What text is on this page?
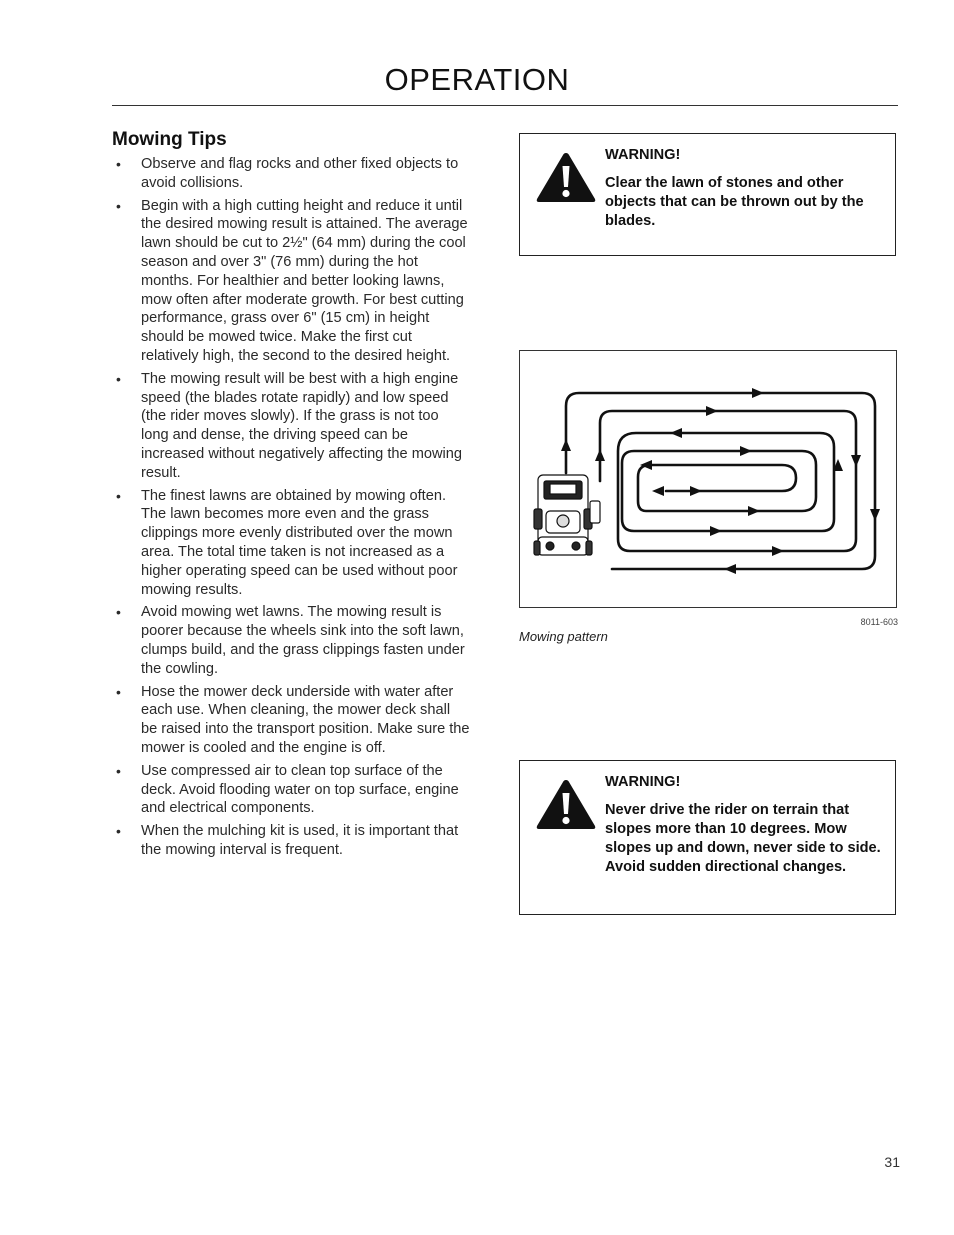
OPERATION
Mowing Tips
• Observe and flag rocks and other fixed objects to avoid collisions.
• Begin with a high cutting height and reduce it until the desired mowing result is attained. The average lawn should be cut to 2½" (64 mm) during the cool season and over 3" (76 mm) during the hot months. For healthier and better looking lawns, mow often after moderate growth. For best cutting performance, grass over 6" (15 cm) in height should be mowed twice. Make the first cut relatively high, the second to the desired height.
• The mowing result will be best with a high engine speed (the blades rotate rapidly) and low speed (the rider moves slowly). If the grass is not too long and dense, the driving speed can be increased without negatively affecting the mowing result.
• The finest lawns are obtained by mowing often. The lawn becomes more even and the grass clippings more evenly distributed over the mown area. The total time taken is not increased as a higher operating speed can be used without poor mowing results.
• Avoid mowing wet lawns. The mowing result is poorer because the wheels sink into the soft lawn, clumps build, and the grass clippings fasten under the cowling.
• Hose the mower deck underside with water after each use. When cleaning, the mower deck shall be raised into the transport position. Make sure the mower is cooled and the engine is off.
• Use compressed air to clean top surface of the deck. Avoid flooding water on top surface, engine and electrical components.
• When the mulching kit is used, it is important that the mowing interval is frequent.
WARNING!
Clear the lawn of stones and other objects that can be thrown out by the blades.
8011-603
Mowing pattern
WARNING!
Never drive the rider on terrain that slopes more than 10 degrees. Mow slopes up and down, never side to side. Avoid sudden directional changes.
31
